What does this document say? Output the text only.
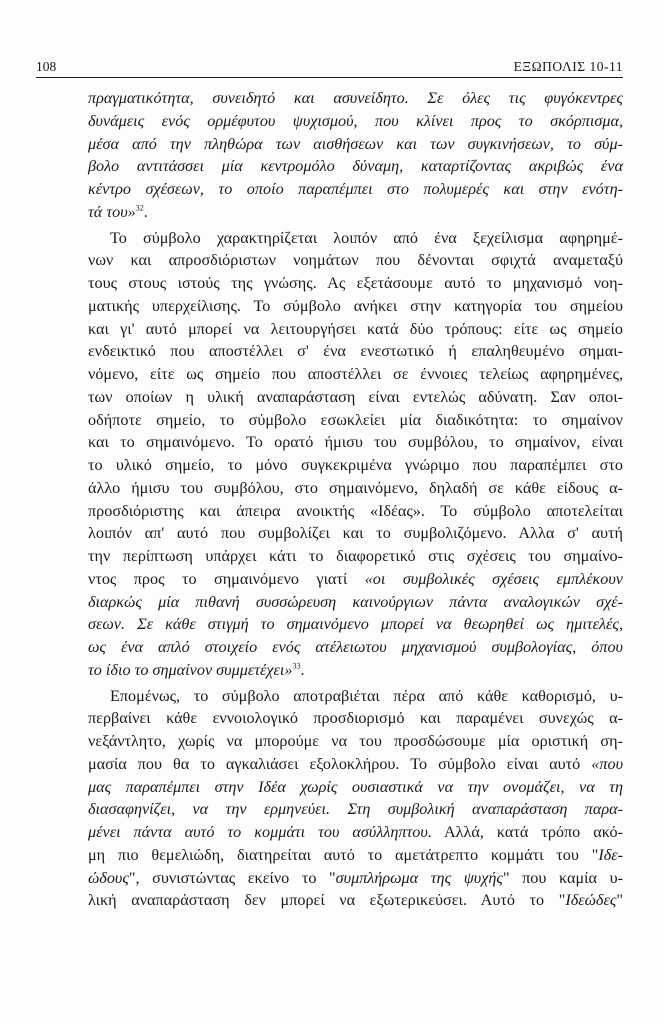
108	ΕΞΩΠΟΛΙΣ 10-11
πραγματικότητα, συνειδητό και ασυνείδητο. Σε όλες τις φυγόκεντρες
δυνάμεις ενός ορμέφυτου ψυχισμού, που κλίνει προς το σκόρπισμα,
μέσα από την πληθώρα των αισθήσεων και των συγκινήσεων, το σύμ-
βολο αντιτάσσει μία κεντρομόλο δύναμη, καταρτίζοντας ακριβώς ένα
κέντρο σχέσεων, το οποίο παραπέμπει στο πολυμερές και στην ενότη-
τά του»$^{32}$.
Το σύμβολο χαρακτηρίζεται λοιπόν από ένα ξεχείλισμα αφηρημέ-
νων και απροσδιόριστων νοημάτων που δένονται σφιχτά αναμεταξύ
τους στους ιστούς της γνώσης. Ας εξετάσουμε αυτό το μηχανισμό νοη-
ματικής υπερχείλισης. Το σύμβολο ανήκει στην κατηγορία του σημείου
και γι' αυτό μπορεί να λειτουργήσει κατά δύο τρόπους: είτε ως σημείο
ενδεικτικό που αποστέλλει σ' ένα ενεστωτικό ή επαληθευμένο σημαι-
νόμενο, είτε ως σημείο που αποστέλλει σε έννοιες τελείως αφηρημένες,
των οποίων η υλική αναπαράσταση είναι εντελώς αδύνατη. Σαν οποι-
οδήποτε σημείο, το σύμβολο εσωκλείει μία διαδικότητα: το σημαίνον
και το σημαινόμενο. Το ορατό ήμισυ του συμβόλου, το σημαίνον, είναι
το υλικό σημείο, το μόνο συγκεκριμένα γνώριμο που παραπέμπει στο
άλλο ήμισυ του συμβόλου, στο σημαινόμενο, δηλαδή σε κάθε είδους α-
προσδιόριστης και άπειρα ανοικτής «Ιδέας». Το σύμβολο αποτελείται
λοιπόν απ' αυτό που συμβολίζει και το συμβολιζόμενο. Αλλα σ' αυτή
την περίπτωση υπάρχει κάτι το διαφορετικό στις σχέσεις του σημαίνο-
ντος προς το σημαινόμενο γιατί «οι συμβολικές σχέσεις εμπλέκουν
διαρκώς μία πιθανή συσσώρευση καινούργιων πάντα αναλογικών σχέ-
σεων. Σε κάθε στιγμή το σημαινόμενο μπορεί να θεωρηθεί ως ημιτελές,
ως ένα απλό στοιχείο ενός ατέλειωτου μηχανισμού συμβολογίας, όπου
το ίδιο το σημαίνον συμμετέχει»$^{33}$.
Επομένως, το σύμβολο αποτραβιέται πέρα από κάθε καθορισμό, υ-
περβαίνει κάθε εννοιολογικό προσδιορισμό και παραμένει συνεχώς α-
νεξάντλητο, χωρίς να μπορούμε να του προσδώσουμε μία οριστική ση-
μασία που θα το αγκαλιάσει εξολοκλήρου. Το σύμβολο είναι αυτό «που
μας παραπέμπει στην Ιδέα χωρίς ουσιαστικά να την ονομάζει, να τη
διασαφηνίζει, να την ερμηνεύει. Στη συμβολική αναπαράσταση παρα-
μένει πάντα αυτό το κομμάτι του ασύλληπτου. Αλλά, κατά τρόπο ακό-
μη πιο θεμελιώδη, διατηρείται αυτό το αμετάτρεπτο κομμάτι του "Ιδε-
ώδους", συνιστώντας εκείνο το "συμπλήρωμα της ψυχής" που καμία υ-
λική αναπαράσταση δεν μπορεί να εξωτερικεύσει. Αυτό το "Ιδεώδες"
